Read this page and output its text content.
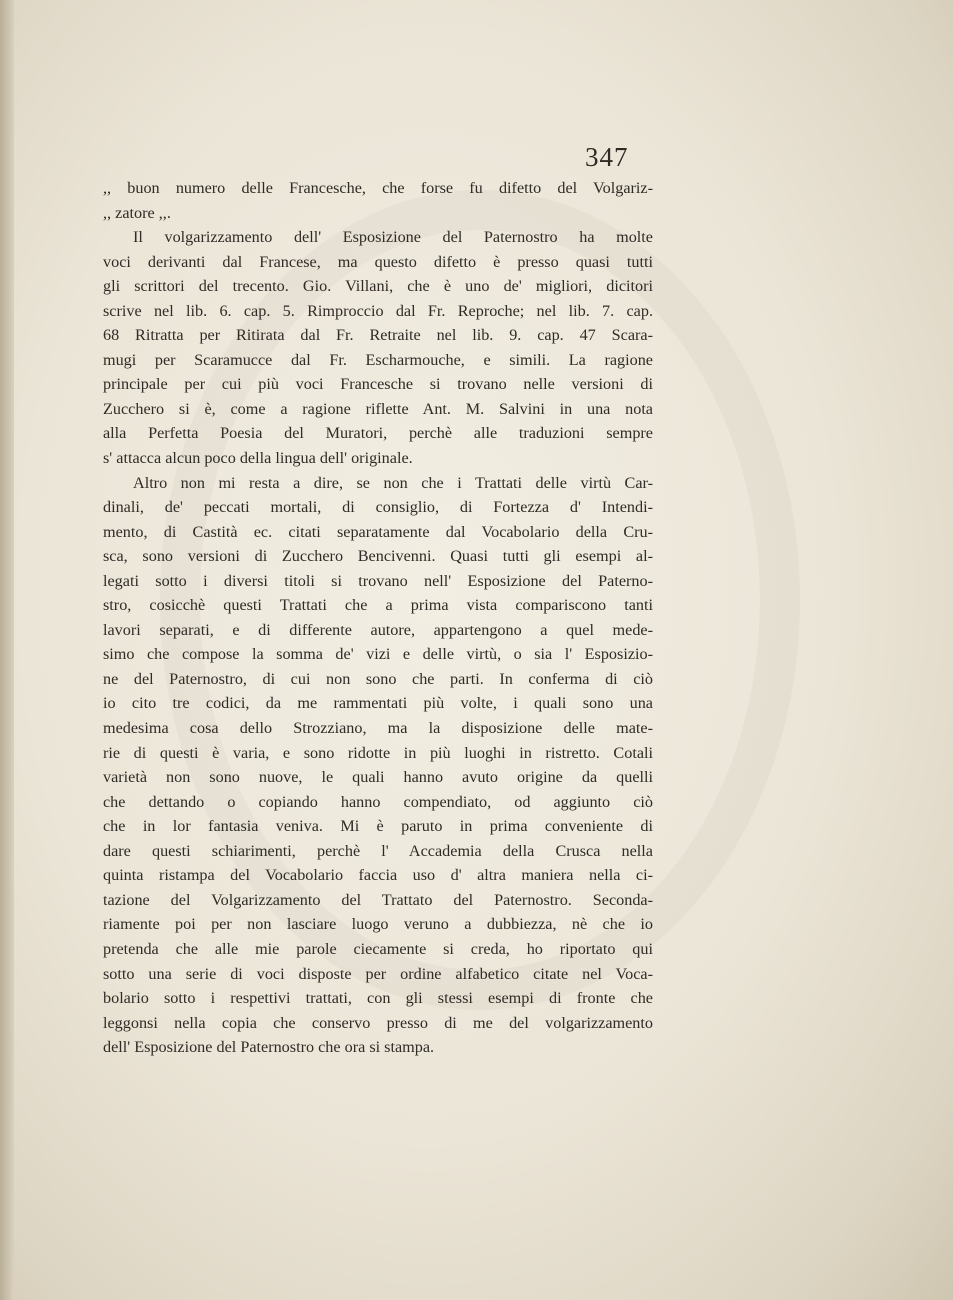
347
,, buon numero delle Francesche, che forse fu difetto del Volgariz-
,, zatore ,,.
Il volgarizzamento dell' Esposizione del Paternostro ha molte
voci derivanti dal Francese, ma questo difetto è presso quasi tutti
gli scrittori del trecento. Gio. Villani, che è uno de' migliori, dicitori
scrive nel lib. 6. cap. 5. Rimproccio dal Fr. Reproche; nel lib. 7. cap.
68 Ritratta per Ritirata dal Fr. Retraite nel lib. 9. cap. 47 Scara-
mugi per Scaramucce dal Fr. Escharmouche, e simili. La ragione
principale per cui più voci Francesche si trovano nelle versioni di
Zucchero si è, come a ragione riflette Ant. M. Salvini in una nota
alla Perfetta Poesia del Muratori, perchè alle traduzioni sempre
s' attacca alcun poco della lingua dell' originale.
Altro non mi resta a dire, se non che i Trattati delle virtù Car-
dinali, de' peccati mortali, di consiglio, di Fortezza d' Intendi-
mento, di Castità ec. citati separatamente dal Vocabolario della Cru-
sca, sono versioni di Zucchero Bencivenni. Quasi tutti gli esempi al-
legati sotto i diversi titoli si trovano nell' Esposizione del Paterno-
stro, cosicchè questi Trattati che a prima vista compariscono tanti
lavori separati, e di differente autore, appartengono a quel mede-
simo che compose la somma de' vizi e delle virtù, o sia l' Esposizio-
ne del Paternostro, di cui non sono che parti. In conferma di ciò
io cito tre codici, da me rammentati più volte, i quali sono una
medesima cosa dello Strozziano, ma la disposizione delle mate-
rie di questi è varia, e sono ridotte in più luoghi in ristretto. Cotali
varietà non sono nuove, le quali hanno avuto origine da quelli
che dettando o copiando hanno compendiato, od aggiunto ciò
che in lor fantasia veniva. Mi è paruto in prima conveniente di
dare questi schiarimenti, perchè l' Accademia della Crusca nella
quinta ristampa del Vocabolario faccia uso d' altra maniera nella ci-
tazione del Volgarizzamento del Trattato del Paternostro. Seconda-
riamente poi per non lasciare luogo veruno a dubbiezza, nè che io
pretenda che alle mie parole ciecamente si creda, ho riportato qui
sotto una serie di voci disposte per ordine alfabetico citate nel Voca-
bolario sotto i respettivi trattati, con gli stessi esempi di fronte che
leggonsi nella copia che conservo presso di me del volgarizzamento
dell' Esposizione del Paternostro che ora si stampa.
